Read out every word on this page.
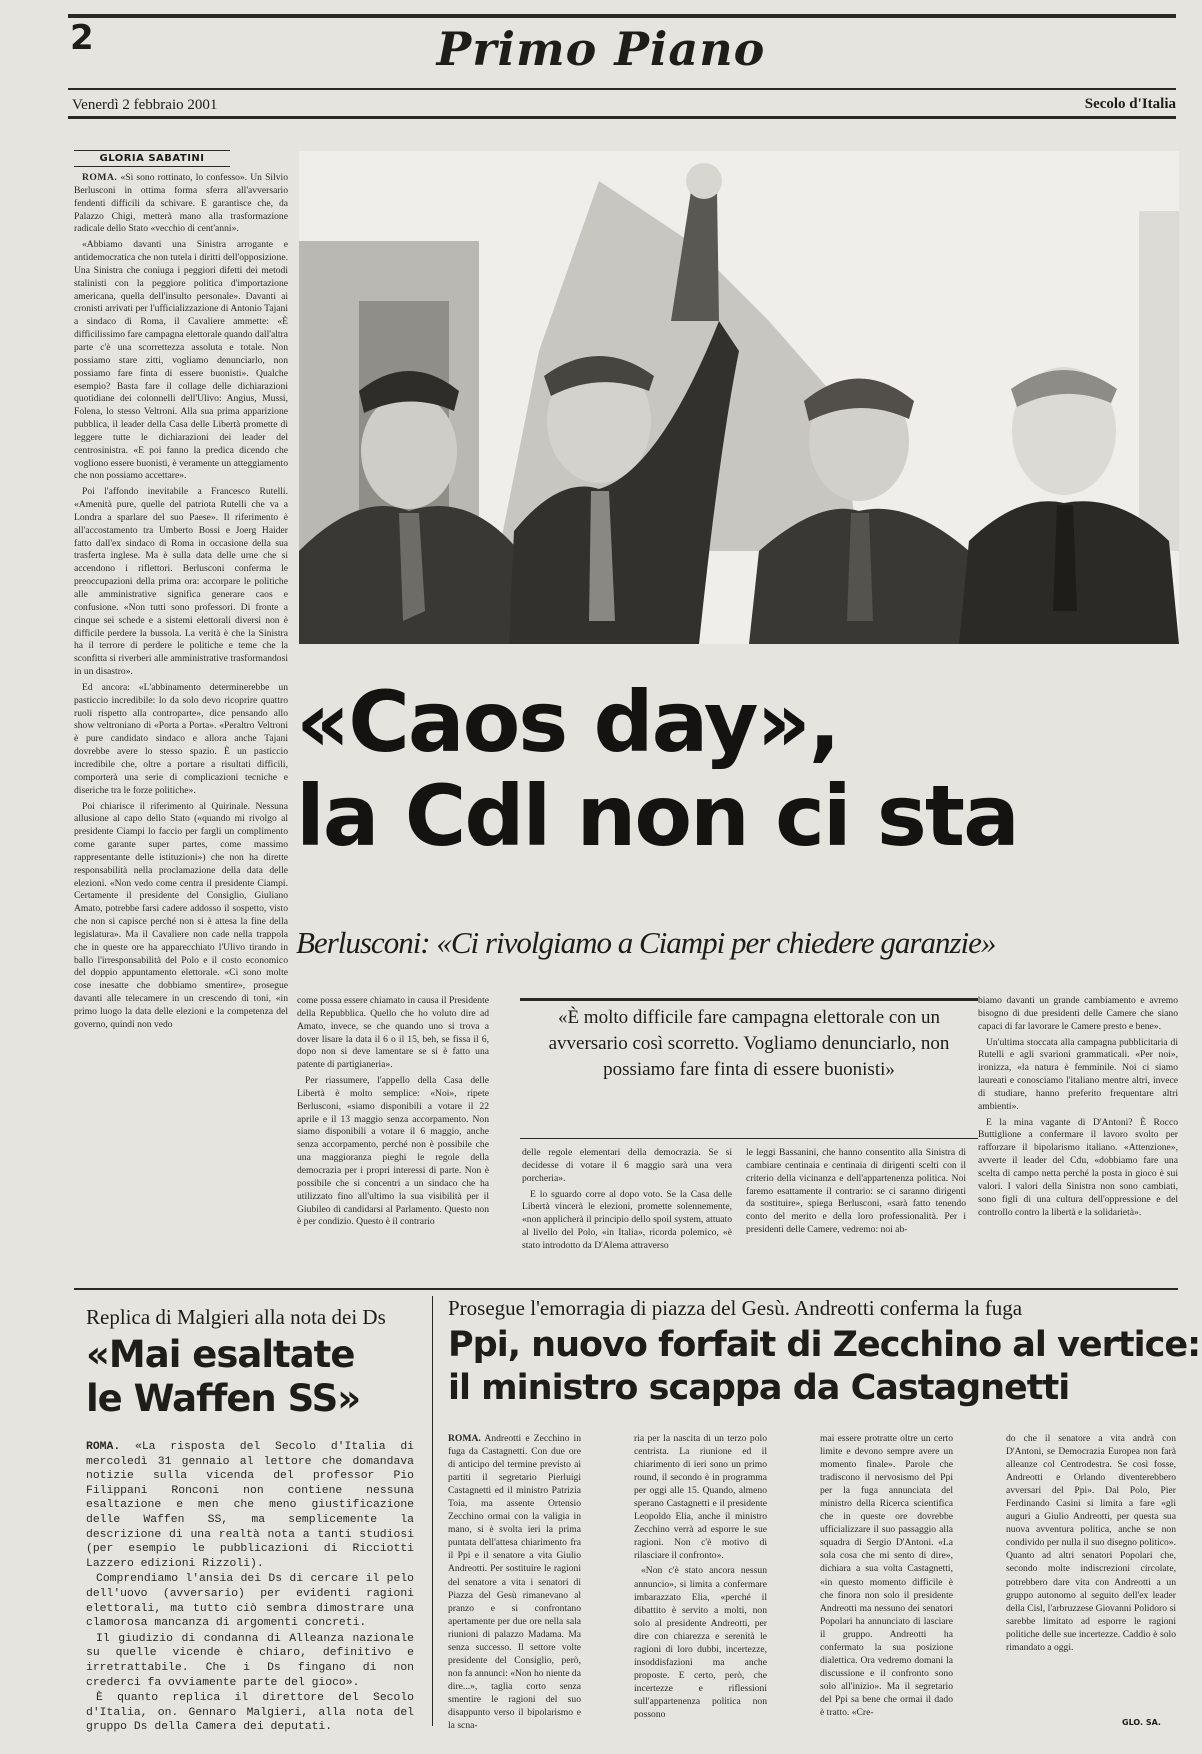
2	Primo Piano
Venerdì 2 febbraio 2001	Secolo d'Italia
GLORIA SABATINI

ROMA. «Si sono rottinato, lo confesso». Un Silvio Berlusconi in ottima forma sferra all'avversario fendenti difficili da schivare. E garantisce che, da Palazzo Chigi, metterà mano alla trasformazione radicale dello Stato «vecchio di cent'anni».

«Abbiamo davanti una Sinistra arrogante e antidemocratica che non tutela i diritti dell'opposizione. Una Sinistra che coniuga i peggiori difetti dei metodi stalinisti con la peggiore politica d'importazione americana, quella dell'insulto personale». Davanti ai cronisti arrivati per l'ufficializzazione di Antonio Tajani a sindaco di Roma, il Cavaliere ammette: «È difficilissimo fare campagna elettorale quando dall'altra parte c'è una scorrettezza assoluta e totale. Non possiamo stare zitti, vogliamo denunciarlo, non possiamo fare finta di essere buonisti». Qualche esempio? Basta fare il collage delle dichiarazioni quotidiane dei colonnelli dell'Ulivo: Angius, Mussi, Folena, lo stesso Veltroni. Alla sua prima apparizione pubblica, il leader della Casa delle Libertà promette di leggere tutte le dichiarazioni dei leader del centrosinistra. «E poi fanno la predica dicendo che vogliono essere buonisti, è veramente un atteggiamento che non possiamo accettare».

Poi l'affondo inevitabile a Francesco Rutelli. «Amenità pure, quelle del patriota Rutelli che va a Londra a sparlare del suo Paese». Il riferimento è all'accostamento tra Umberto Bossi e Joerg Haider fatto dall'ex sindaco di Roma in occasione della sua trasferta inglese. Ma è sulla data delle urne che si accendono i riflettori. Berlusconi conferma le preoccupazioni della prima ora: accorpare le politiche alle amministrative significa generare caos e confusione. «Non tutti sono professori. Di fronte a cinque sei schede e a sistemi elettorali diversi non è difficile perdere la bussola. La verità è che la Sinistra ha il terrore di perdere le politiche e teme che la sconfitta si riverberi alle amministrative trasformandosi in un disastro».

Ed ancora: «L'abbinamento determinerebbe un pasticcio incredibile: lo da solo devo ricoprire quattro ruoli rispetto alla controparte», dice pensando allo show veltroniano di «Porta a Porta». «Peraltro Veltroni è pure candidato sindaco e allora anche Tajani dovrebbe avere lo stesso spazio. È un pasticcio incredibile che, oltre a portare a risultati difficili, comporterà una serie di complicazioni tecniche e diseriche tra le forze politiche».

Poi chiarisce il riferimento al Quirinale. Nessuna allusione al capo dello Stato («quando mi rivolgo al presidente Ciampi lo faccio per fargli un complimento come garante super partes, come massimo rappresentante delle istituzioni») che non ha dirette responsabilità nella proclamazione della data delle elezioni. «Non vedo come centra il presidente Ciampi. Certamente il presidente del Consiglio, Giuliano Amato, potrebbe farsi cadere addosso il sospetto, visto che non si capisce perché non si è attesa la fine della legislatura». Ma il Cavaliere non cade nella trappola che in queste ore ha apparecchiato l'Ulivo tirando in ballo l'irresponsabilità del Polo e il costo economico del doppio appuntamento elettorale. «Ci sono molte cose inesatte che dobbiamo smentire», prosegue davanti alle telecamere in un crescendo di toni, «in primo luogo la data delle elezioni e la competenza del governo, quindi non vedo

«Caos day»,
la Cdl non ci sta
Berlusconi: «Ci rivolgiamo a Ciampi per chiedere garanzie»

come possa essere chiamato in causa il Presidente della Repubblica. Quello che ho voluto dire ad Amato, invece, se che quando uno si trova a dover lisare la data il 6 o il 15, beh, se fissa il 6, dopo non si deve lamentare se si è fatto una patente di partigianeria».

Per riassumere, l'appello della Casa delle Libertà è molto semplice: «Noi», ripete Berlusconi, «siamo disponibili a votare il 22 aprile e il 13 maggio senza accorpamento. Non siamo disponibili a votare il 6 maggio, anche senza accorpamento, perché non è possibile che una maggioranza pieghi le regole della democrazia per i propri interessi di parte. Non è possibile che si concentri a un sindaco che ha utilizzato fino all'ultimo la sua visibilità per il Giubileo di candidarsi al Parlamento. Questo non è per condizio. Questo è il contrario

«È molto difficile fare campagna elettorale con un avversario così scorretto. Vogliamo denunciarlo, non possiamo fare finta di essere buonisti»

delle regole elementari della democrazia. Se si decidesse di votare il 6 maggio sarà una vera porcheria».

E lo sguardo corre al dopo voto. Se la Casa delle Libertà vincerà le elezioni, promette solennemente, «non applicherà il principio dello spoil system, attuato al livello del Polo, «in Italia», ricorda polemico, «è stato introdotto da D'Alema attraverso

le leggi Bassanini, che hanno consentito alla Sinistra di cambiare centinaia e centinaia di dirigenti scelti con il criterio della vicinanza e dell'appartenenza politica. Noi faremo esattamente il contrario: se ci saranno dirigenti da sostituire», spiega Berlusconi, «sarà fatto tenendo conto del merito e della loro professionalità. Per i presidenti delle Camere, vedremo: noi ab-

biamo davanti un grande cambiamento e avremo bisogno di due presidenti delle Camere che siano capaci di far lavorare le Camere presto e bene».

Un'ultima stoccata alla campagna pubblicitaria di Rutelli e agli svarioni grammaticali. «Per noi», ironizza, «la natura è femminile. Noi ci siamo laureati e conosciamo l'italiano mentre altri, invece di studiare, hanno preferito frequentare altri ambienti».

E la mina vagante di D'Antoni? È Rocco Buttiglione a confermare il lavoro svolto per rafforzare il bipolarismo italiano. «Attenzione», avverte il leader del Cdu, «dobbiamo fare una scelta di campo netta perché la posta in gioco è sui valori. I valori della Sinistra non sono cambiati, sono figli di una cultura dell'oppressione e del controllo contro la libertà e la solidarietà».

Replica di Malgieri alla nota dei Ds
«Mai esaltate
le Waffen SS»

ROMA. «La risposta del Secolo d'Italia di mercoledì 31 gennaio al lettore che domandava notizie sulla vicenda del professor Pio Filippani Ronconi non contiene nessuna esaltazione e men che meno giustificazione delle Waffen SS, ma semplicemente la descrizione di una realtà nota a tanti studiosi (per esempio le pubblicazioni di Ricciotti Lazzero edizioni Rizzoli).

Comprendiamo l'ansia dei Ds di cercare il pelo dell'uovo (avversario) per evidenti ragioni elettorali, ma tutto ciò sembra dimostrare una clamorosa mancanza di argomenti concreti.

Il giudizio di condanna di Alleanza nazionale su quelle vicende è chiaro, definitivo e irretrattabile. Che i Ds fingano di non crederci fa ovviamente parte del gioco».

È quanto replica il direttore del Secolo d'Italia, on. Gennaro Malgieri, alla nota del gruppo Ds della Camera dei deputati.

Prosegue l'emorragia di piazza del Gesù. Andreotti conferma la fuga
Ppi, nuovo forfait di Zecchino al vertice:
il ministro scappa da Castagnetti

ROMA. Andreotti e Zecchino in fuga da Castagnetti. Con due ore di anticipo del termine previsto ai partiti il segretario Pierluigi Castagnetti ed il ministro Patrizia Toia, ma assente Ortensio Zecchino ormai con la valigia in mano, si è svolta ieri la prima puntata dell'attesa chiarimento fra il Ppi e il senatore a vita Giulio Andreotti. Per sostituire le ragioni del senatore a vita i senatori di Piazza del Gesù rimanevano al pranzo e si confrontano apertamente per due ore nella sala riunioni di palazzo Madama. Ma senza successo. Il settore volte presidente del Consiglio, però, non fa annunci: «Non ho niente da dire...», taglia corto senza smentire le ragioni del suo disappunto verso il bipolarismo e la scna-

ria per la nascita di un terzo polo centrista. La riunione ed il chiarimento di ieri sono un primo round, il secondo è in programma per oggi alle 15. Quando, almeno sperano Castagnetti e il presidente Leopoldo Elia, anche il ministro Zecchino verrà ad esporre le sue ragioni. Non c'è motivo di rilasciare il confronto».

«Non c'è stato ancora nessun annuncio», si limita a confermare imbarazzato Elia, «perché il dibattito è servito a molti, non solo al presidente Andreotti, per dire con chiarezza e serenità le ragioni di loro dubbi, incertezze, insoddisfazioni ma anche proposte. E certo, però, che incertezze e riflessioni sull'appartenenza politica non possono

mai essere protratte oltre un certo limite e devono sempre avere un momento finale». Parole che tradiscono il nervosismo del Ppi per la fuga annunciata del ministro della Ricerca scientifica che in queste ore dovrebbe ufficializzare il suo passaggio alla squadra di Sergio D'Antoni. «La sola cosa che mi sento di dire», dichiara a sua volta Castagnetti, «in questo momento difficile è che finora non solo il presidente Andreotti ma nessuno dei senatori Popolari ha annunciato di lasciare il gruppo. Andreotti ha confermato la sua posizione dialettica. Ora vedremo domani la discussione e il confronto sono solo all'inizio». Ma il segretario del Ppi sa bene che ormai il dado è tratto. «Cre-

do che il senatore a vita andrà con D'Antoni, se Democrazia Europea non farà alleanze col Centrodestra. Se così fosse, Andreotti e Orlando diventerebbero avversari del Ppi». Dal Polo, Pier Ferdinando Casini si limita a fare «gli auguri a Giulio Andreotti, per questa sua nuova avventura politica, anche se non condivido per nulla il suo disegno politico». Quanto ad altri senatori Popolari che, secondo molte indiscrezioni circolate, potrebbero dare vita con Andreotti a un gruppo autonomo al seguito dell'ex leader della Cisl, l'arbruzzese Giovanni Polidoro si sarebbe limitato ad esporre le ragioni politiche delle sue incertezze. Caddio è solo rimandato a oggi.

GLO. SA.
